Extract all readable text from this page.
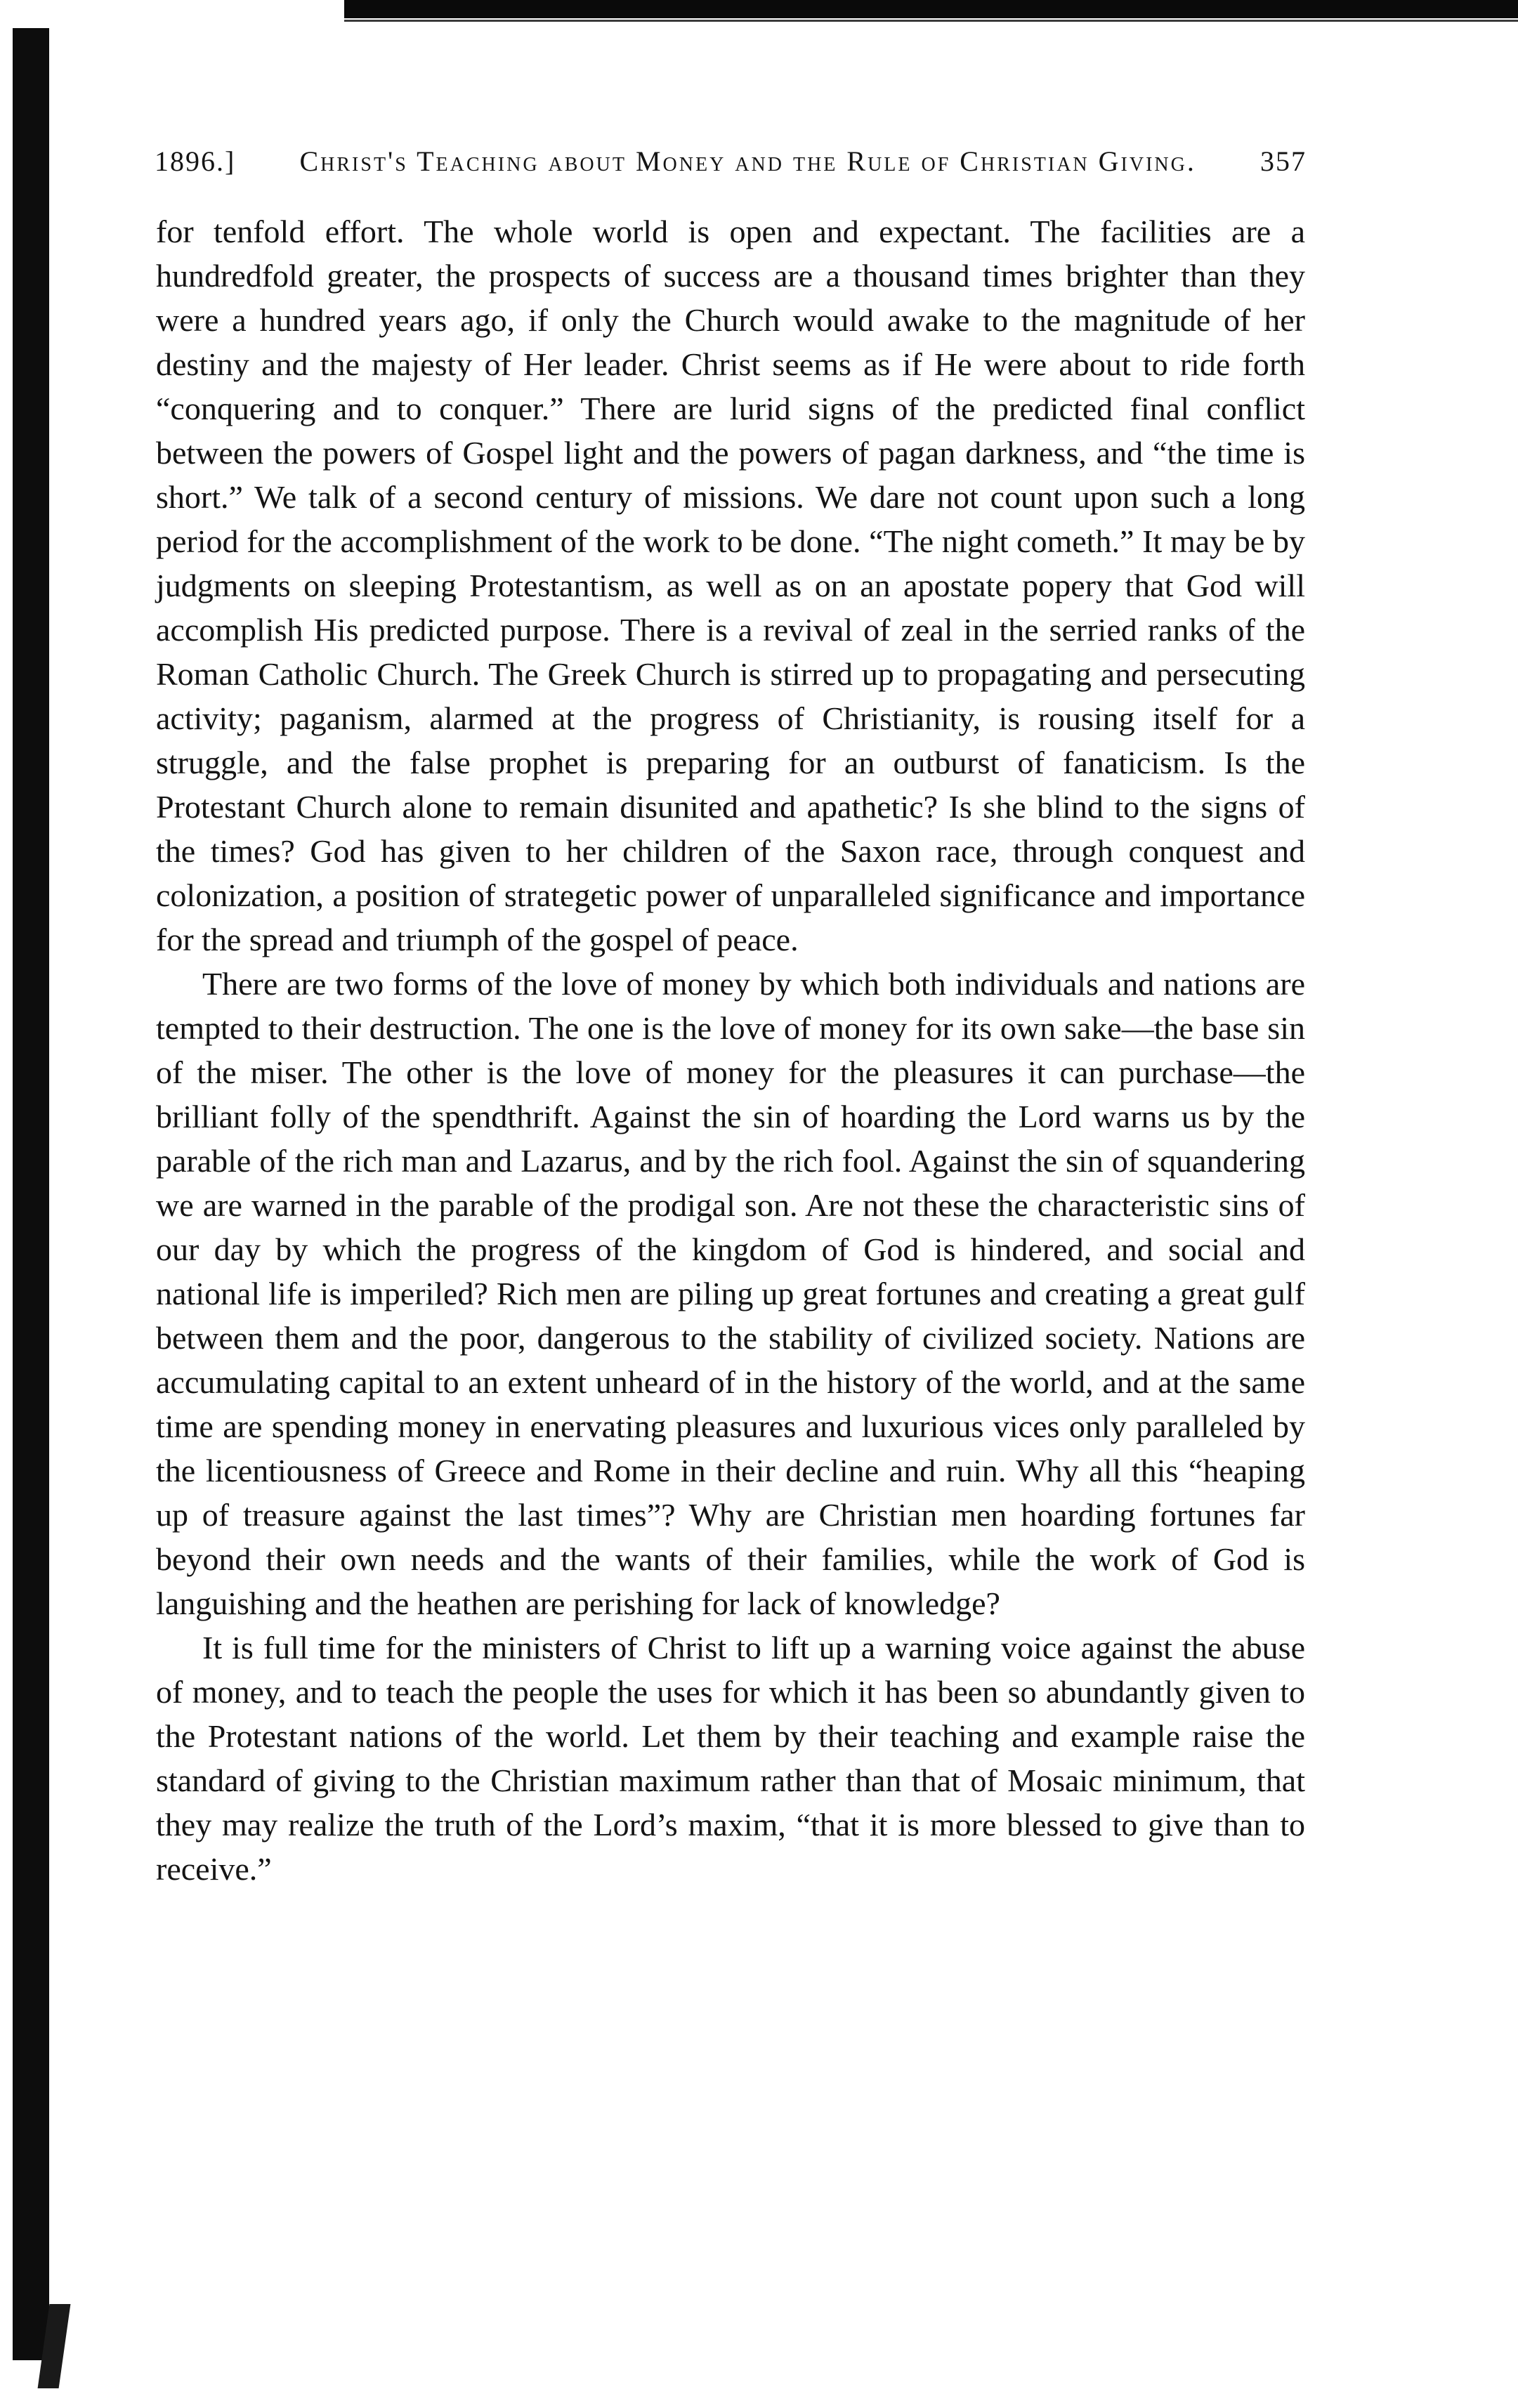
1896.] Christ's Teaching about Money and the Rule of Christian Giving. 357

for tenfold effort. The whole world is open and expectant. The facilities are a hundredfold greater, the prospects of success are a thousand times brighter than they were a hundred years ago, if only the Church would awake to the magnitude of her destiny and the majesty of Her leader. Christ seems as if He were about to ride forth “conquering and to conquer.” There are lurid signs of the predicted final conflict between the powers of Gospel light and the powers of pagan darkness, and “the time is short.” We talk of a second century of missions. We dare not count upon such a long period for the accomplishment of the work to be done. “The night cometh.” It may be by judgments on sleeping Protestantism, as well as on an apostate popery that God will accomplish His predicted purpose. There is a revival of zeal in the serried ranks of the Roman Catholic Church. The Greek Church is stirred up to propagating and persecuting activity; paganism, alarmed at the progress of Christianity, is rousing itself for a struggle, and the false prophet is preparing for an outburst of fanaticism. Is the Protestant Church alone to remain disunited and apathetic? Is she blind to the signs of the times? God has given to her children of the Saxon race, through conquest and colonization, a position of strategetic power of unparalleled significance and importance for the spread and triumph of the gospel of peace.

There are two forms of the love of money by which both individuals and nations are tempted to their destruction. The one is the love of money for its own sake—the base sin of the miser. The other is the love of money for the pleasures it can purchase—the brilliant folly of the spendthrift. Against the sin of hoarding the Lord warns us by the parable of the rich man and Lazarus, and by the rich fool. Against the sin of squandering we are warned in the parable of the prodigal son. Are not these the characteristic sins of our day by which the progress of the kingdom of God is hindered, and social and national life is imperiled? Rich men are piling up great fortunes and creating a great gulf between them and the poor, dangerous to the stability of civilized society. Nations are accumulating capital to an extent unheard of in the history of the world, and at the same time are spending money in enervating pleasures and luxurious vices only paralleled by the licentiousness of Greece and Rome in their decline and ruin. Why all this “heaping up of treasure against the last times”? Why are Christian men hoarding fortunes far beyond their own needs and the wants of their families, while the work of God is languishing and the heathen are perishing for lack of knowledge?

It is full time for the ministers of Christ to lift up a warning voice against the abuse of money, and to teach the people the uses for which it has been so abundantly given to the Protestant nations of the world. Let them by their teaching and example raise the standard of giving to the Christian maximum rather than that of Mosaic minimum, that they may realize the truth of the Lord’s maxim, “that it is more blessed to give than to receive.”
